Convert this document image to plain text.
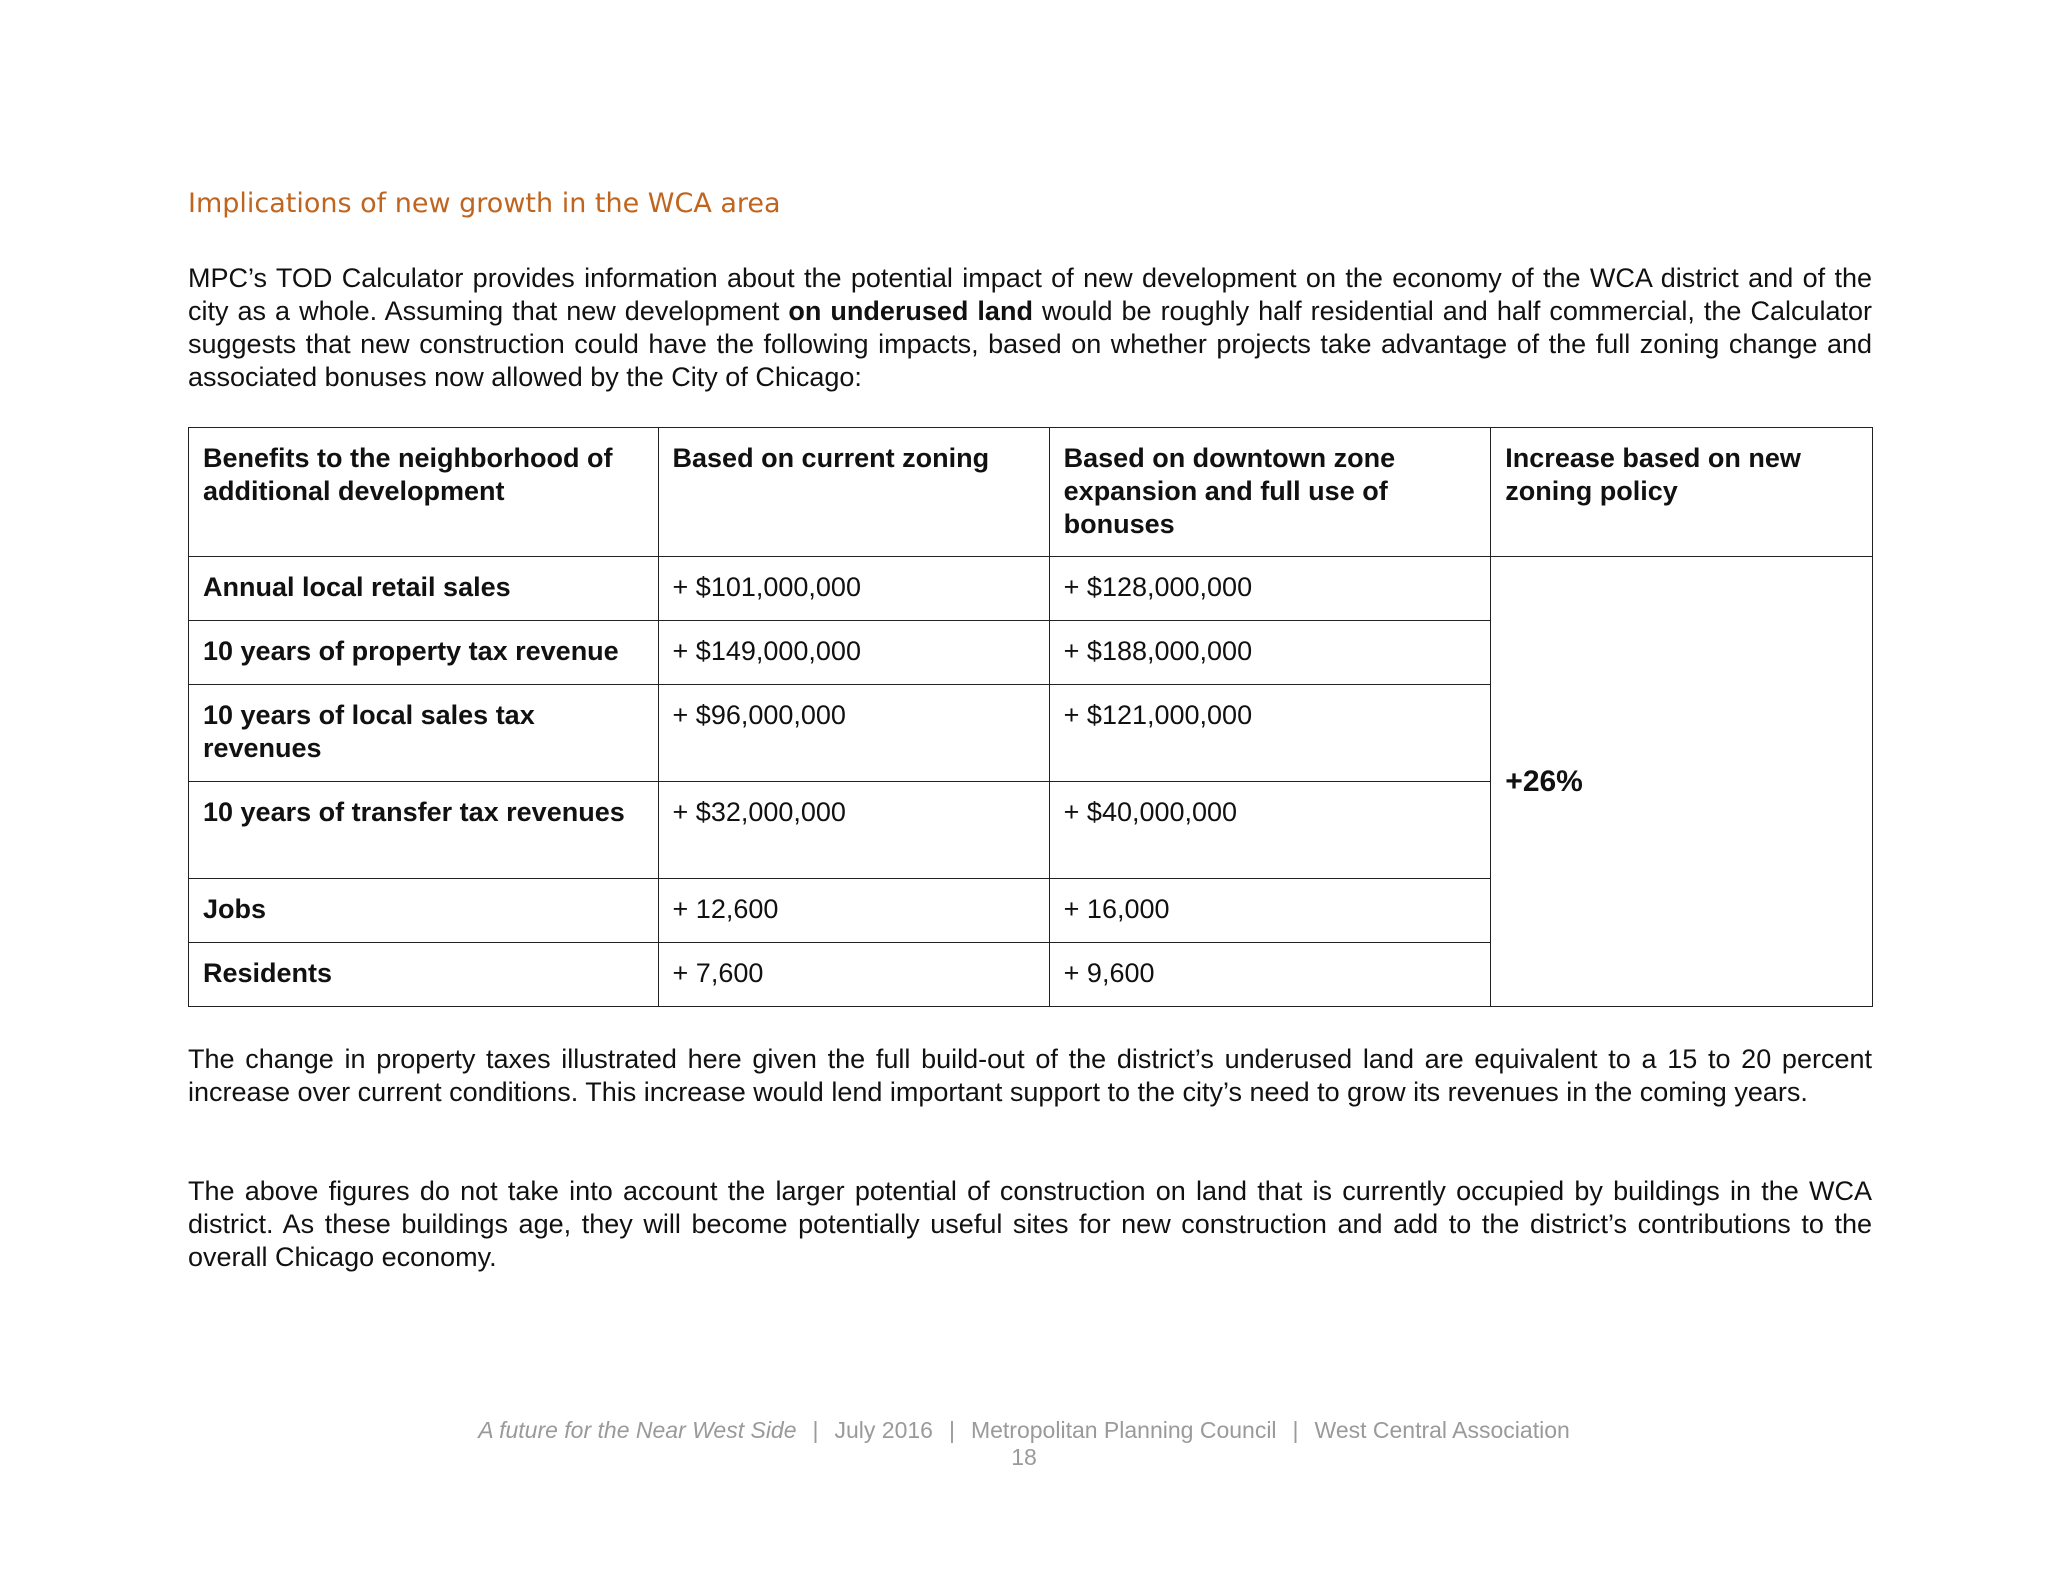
Implications of new growth in the WCA area
MPC’s TOD Calculator provides information about the potential impact of new development on the economy of the WCA district and of the city as a whole. Assuming that new development on underused land would be roughly half residential and half commercial, the Calculator suggests that new construction could have the following impacts, based on whether projects take advantage of the full zoning change and associated bonuses now allowed by the City of Chicago:
Benefits to the neighborhood of additional development	Based on current zoning	Based on downtown zone expansion and full use of bonuses	Increase based on new zoning policy
Annual local retail sales	+ $101,000,000	+ $128,000,000	+26%
10 years of property tax revenue	+ $149,000,000	+ $188,000,000	
10 years of local sales tax revenues	+ $96,000,000	+ $121,000,000	
10 years of transfer tax revenues	+ $32,000,000	+ $40,000,000	
Jobs	+ 12,600	+ 16,000	
Residents	+ 7,600	+ 9,600	
The change in property taxes illustrated here given the full build-out of the district’s underused land are equivalent to a 15 to 20 percent increase over current conditions. This increase would lend important support to the city’s need to grow its revenues in the coming years.
The above figures do not take into account the larger potential of construction on land that is currently occupied by buildings in the WCA district. As these buildings age, they will become potentially useful sites for new construction and add to the district’s contributions to the overall Chicago economy.
A future for the Near West Side | July 2016 | Metropolitan Planning Council | West Central Association
18
